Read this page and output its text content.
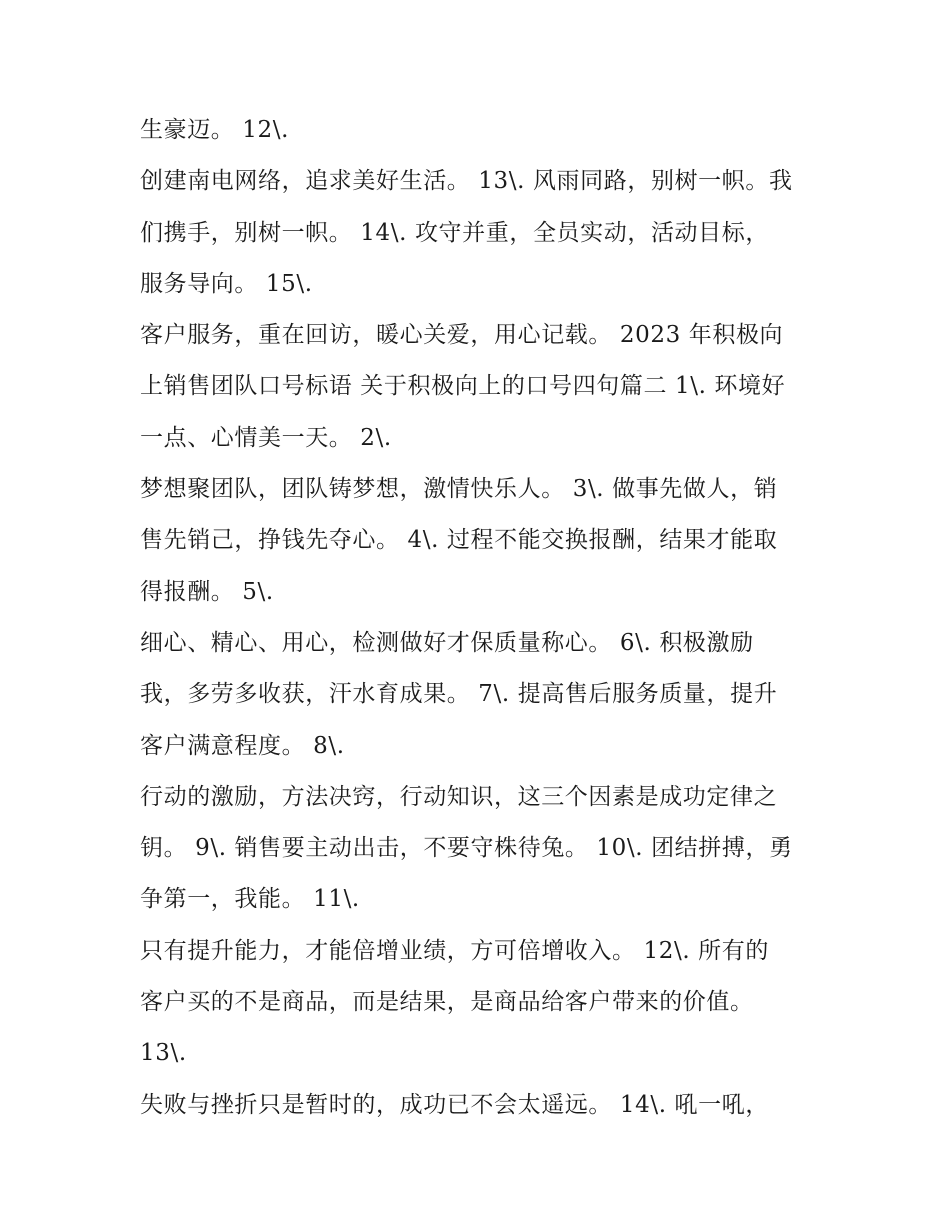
生豪迈。 12\.
创建南电网络，追求美好生活。 13\. 风雨同路，别树一帜。我
们携手，别树一帜。 14\. 攻守并重，全员实动，活动目标，
服务导向。 15\.
客户服务，重在回访，暖心关爱，用心记载。 2023 年积极向
上销售团队口号标语 关于积极向上的口号四句篇二 1\. 环境好
一点、心情美一天。 2\.
梦想聚团队，团队铸梦想，激情快乐人。 3\. 做事先做人，销
售先销己，挣钱先夺心。 4\. 过程不能交换报酬，结果才能取
得报酬。 5\.
细心、精心、用心，检测做好才保质量称心。 6\. 积极激励
我，多劳多收获，汗水育成果。 7\. 提高售后服务质量，提升
客户满意程度。 8\.
行动的激励，方法决窍，行动知识，这三个因素是成功定律之
钥。 9\. 销售要主动出击，不要守株待兔。 10\. 团结拼搏，勇
争第一，我能。 11\.
只有提升能力，才能倍增业绩，方可倍增收入。 12\. 所有的
客户买的不是商品，而是结果，是商品给客户带来的价值。
13\.
失败与挫折只是暂时的，成功已不会太遥远。 14\. 吼一吼，
